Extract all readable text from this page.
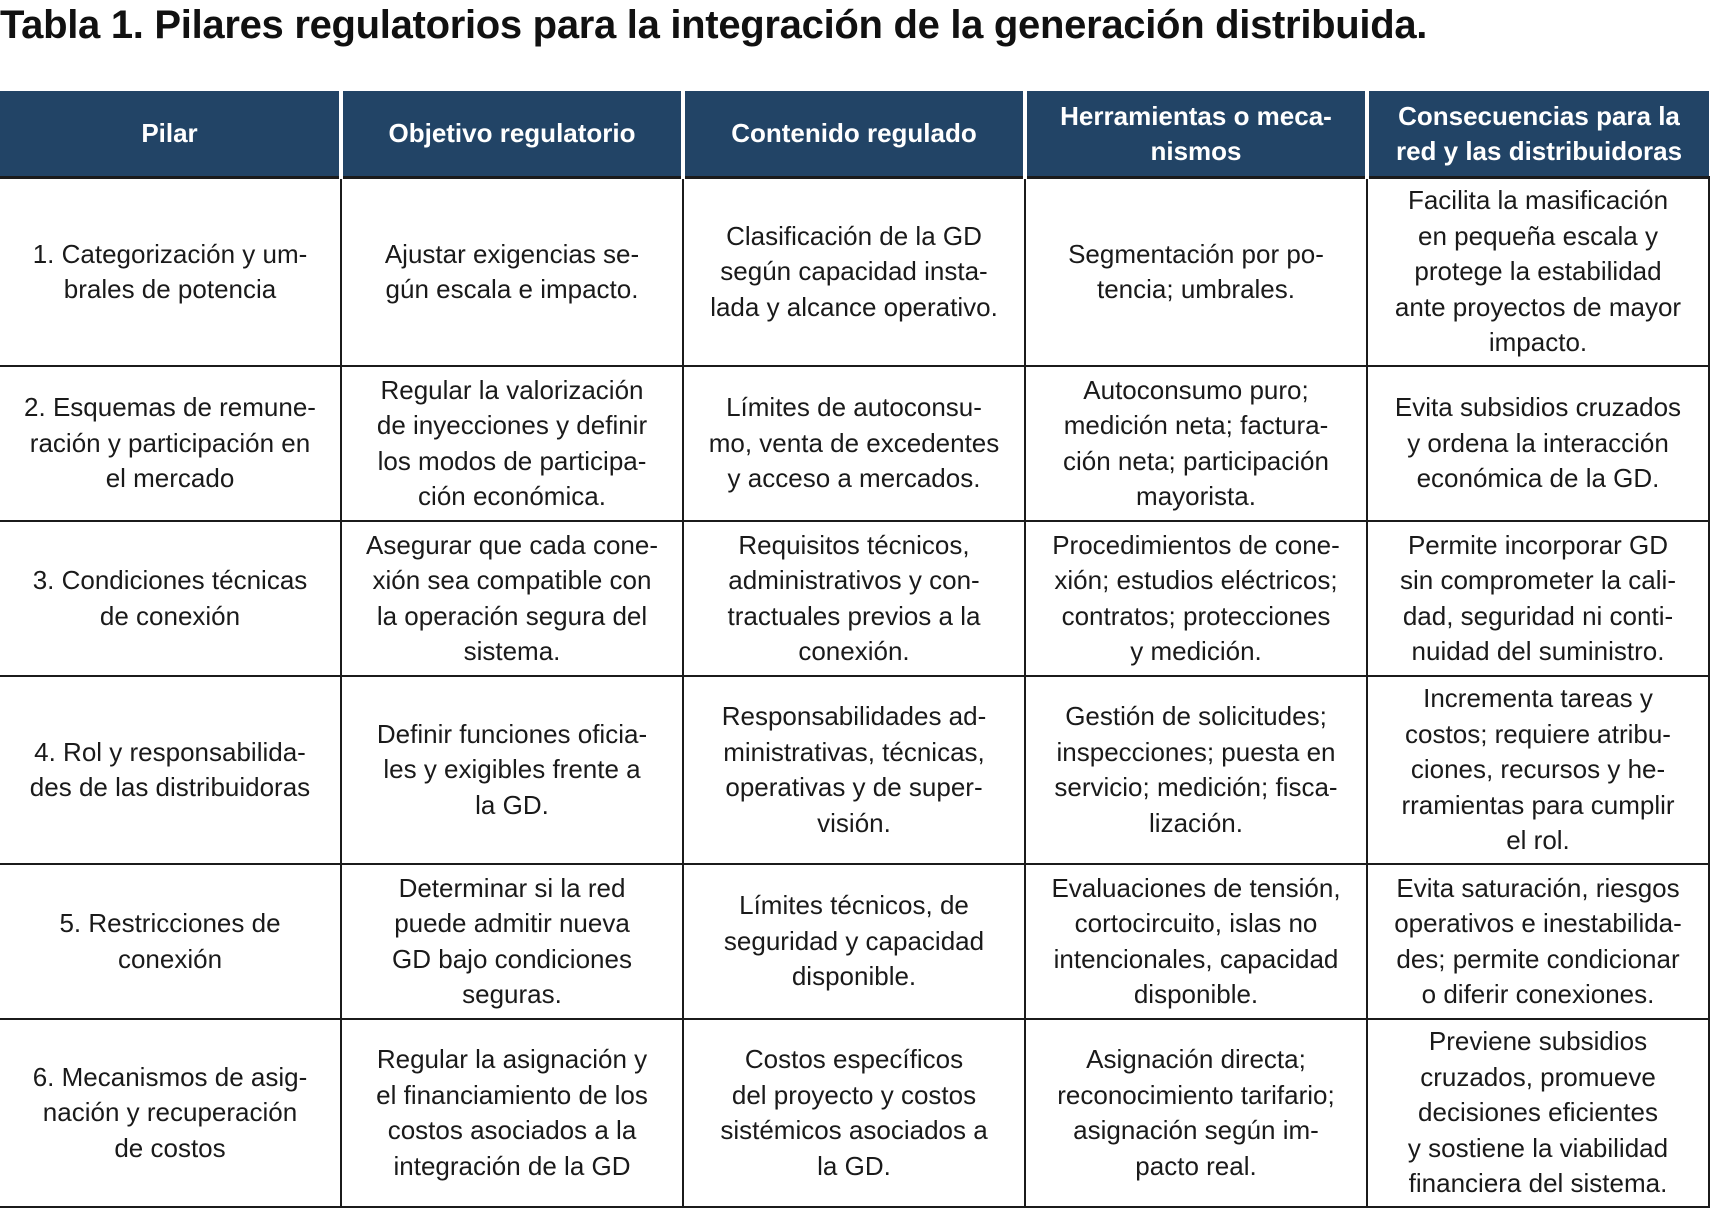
Tabla 1. Pilares regulatorios para la integración de la generación distribuida.
Pilar	Objetivo regulatorio	Contenido regulado	Herramientas o meca-
nismos	Consecuencias para la
red y las distribuidoras

1. Categorización y um-
brales de potencia	Ajustar exigencias se-
gún escala e impacto.	Clasificación de la GD
según capacidad insta-
lada y alcance operativo.	Segmentación por po-
tencia; umbrales.	Facilita la masificación
en pequeña escala y
protege la estabilidad
ante proyectos de mayor
impacto.

2. Esquemas de remune-
ración y participación en
el mercado	Regular la valorización
de inyecciones y definir
los modos de participa-
ción económica.	Límites de autoconsu-
mo, venta de excedentes
y acceso a mercados.	Autoconsumo puro;
medición neta; factura-
ción neta; participación
mayorista.	Evita subsidios cruzados
y ordena la interacción
económica de la GD.

3. Condiciones técnicas
de conexión	Asegurar que cada cone-
xión sea compatible con
la operación segura del
sistema.	Requisitos técnicos,
administrativos y con-
tractuales previos a la
conexión.	Procedimientos de cone-
xión; estudios eléctricos;
contratos; protecciones
y medición.	Permite incorporar GD
sin comprometer la cali-
dad, seguridad ni conti-
nuidad del suministro.

4. Rol y responsabilida-
des de las distribuidoras	Definir funciones oficia-
les y exigibles frente a
la GD.	Responsabilidades ad-
ministrativas, técnicas,
operativas y de super-
visión.	Gestión de solicitudes;
inspecciones; puesta en
servicio; medición; fisca-
lización.	Incrementa tareas y
costos; requiere atribu-
ciones, recursos y he-
rramientas para cumplir
el rol.

5. Restricciones de
conexión	Determinar si la red
puede admitir nueva
GD bajo condiciones
seguras.	Límites técnicos, de
seguridad y capacidad
disponible.	Evaluaciones de tensión,
cortocircuito, islas no
intencionales, capacidad
disponible.	Evita saturación, riesgos
operativos e inestabilida-
des; permite condicionar
o diferir conexiones.

6. Mecanismos de asig-
nación y recuperación
de costos	Regular la asignación y
el financiamiento de los
costos asociados a la
integración de la GD	Costos específicos
del proyecto y costos
sistémicos asociados a
la GD.	Asignación directa;
reconocimiento tarifario;
asignación según im-
pacto real.	Previene subsidios
cruzados, promueve
decisiones eficientes
y sostiene la viabilidad
financiera del sistema.
